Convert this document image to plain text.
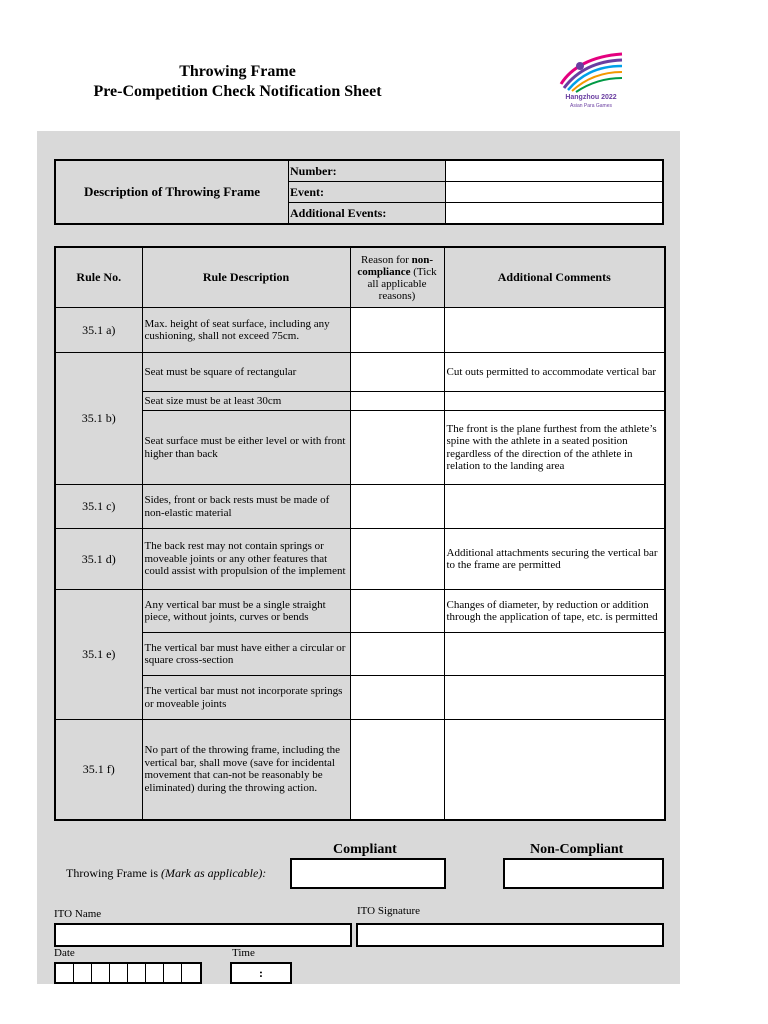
Throwing Frame
Pre-Competition Check Notification Sheet	Hangzhou 2022
Asian Para Games
Description of Throwing Frame	Number:	
	Event:	
	Additional Events:	
Rule No.	Rule Description	Reason for non-compliance (Tick all applicable reasons)	Additional Comments
35.1 a)	Max. height of seat surface, including any cushioning, shall not exceed 75cm.		
35.1 b)	Seat must be square of rectangular		Cut outs permitted to accommodate vertical bar
	Seat size must be at least 30cm		
	Seat surface must be either level or with front higher than back		The front is the plane furthest from the athlete’s spine with the athlete in a seated position regardless of the direction of the athlete in relation to the landing area
35.1 c)	Sides, front or back rests must be made of non-elastic material		
35.1 d)	The back rest may not contain springs or moveable joints or any other features that could assist with propulsion of the implement		Additional attachments securing the vertical bar to the frame are permitted
35.1 e)	Any vertical bar must be a single straight piece, without joints, curves or bends		Changes of diameter, by reduction or addition through the application of tape, etc. is permitted
	The vertical bar must have either a circular or square cross-section		
	The vertical bar must not incorporate springs or moveable joints		
35.1 f)	No part of the throwing frame, including the vertical bar, shall move (save for incidental movement that can-not be reasonably be eliminated) during the throwing action.		
Compliant	Non-Compliant
Throwing Frame is (Mark as applicable):
ITO Name	ITO Signature
Date	Time
:
